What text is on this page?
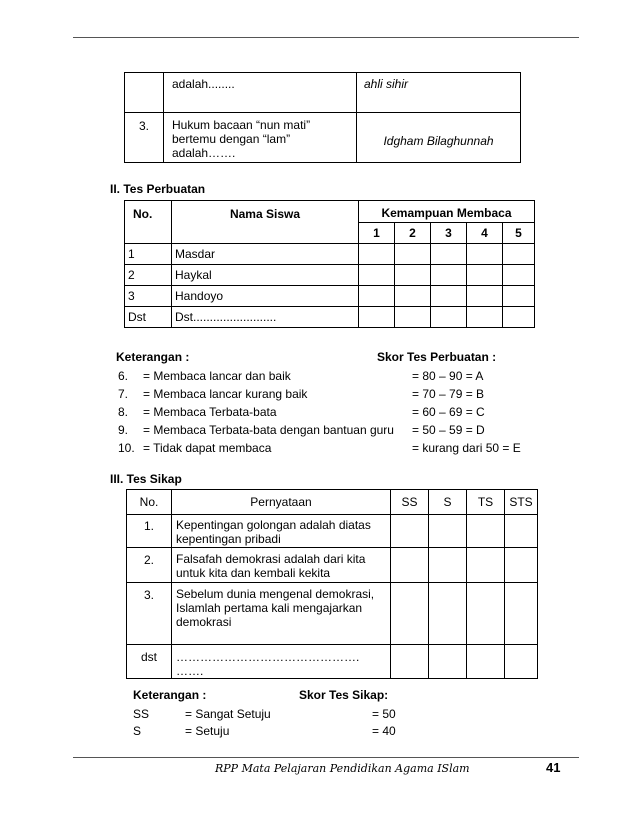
	adalah........	ahli sihir
3.	Hukum bacaan “nun mati”
bertemu dengan “lam”
adalah…….	Idgham Bilaghunnah
II. Tes Perbuatan
No.	Nama Siswa	Kemampuan Membaca				
		1	2	3	4	5
1	Masdar					
2	Haykal					
3	Handoyo					
Dst	Dst.........................					
Keterangan :	Skor Tes Perbuatan :
6. = Membaca lancar dan baik	= 80 – 90 = A
7. = Membaca lancar kurang baik	= 70 – 79 = B
8. = Membaca Terbata-bata	= 60 – 69 = C
9. = Membaca Terbata-bata dengan bantuan guru = 50 – 59 = D
10. = Tidak dapat membaca	= kurang dari 50 = E
III. Tes Sikap
No.	Pernyataan	SS	S	TS	STS
1.	Kepentingan golongan adalah diatas
kepentingan pribadi				

2.	Falsafah demokrasi adalah dari kita
untuk kita dan kembali kekita				

3.	Sebelum dunia mengenal demokrasi,
Islamlah pertama kali mengajarkan
demokrasi				

dst	……………………………………….
…….				

Keterangan :	Skor Tes Sikap:
SS	= Sangat Setuju	= 50
S	= Setuju	= 40
RPP Mata Pelajaran Pendidikan Agama ISlam	41
